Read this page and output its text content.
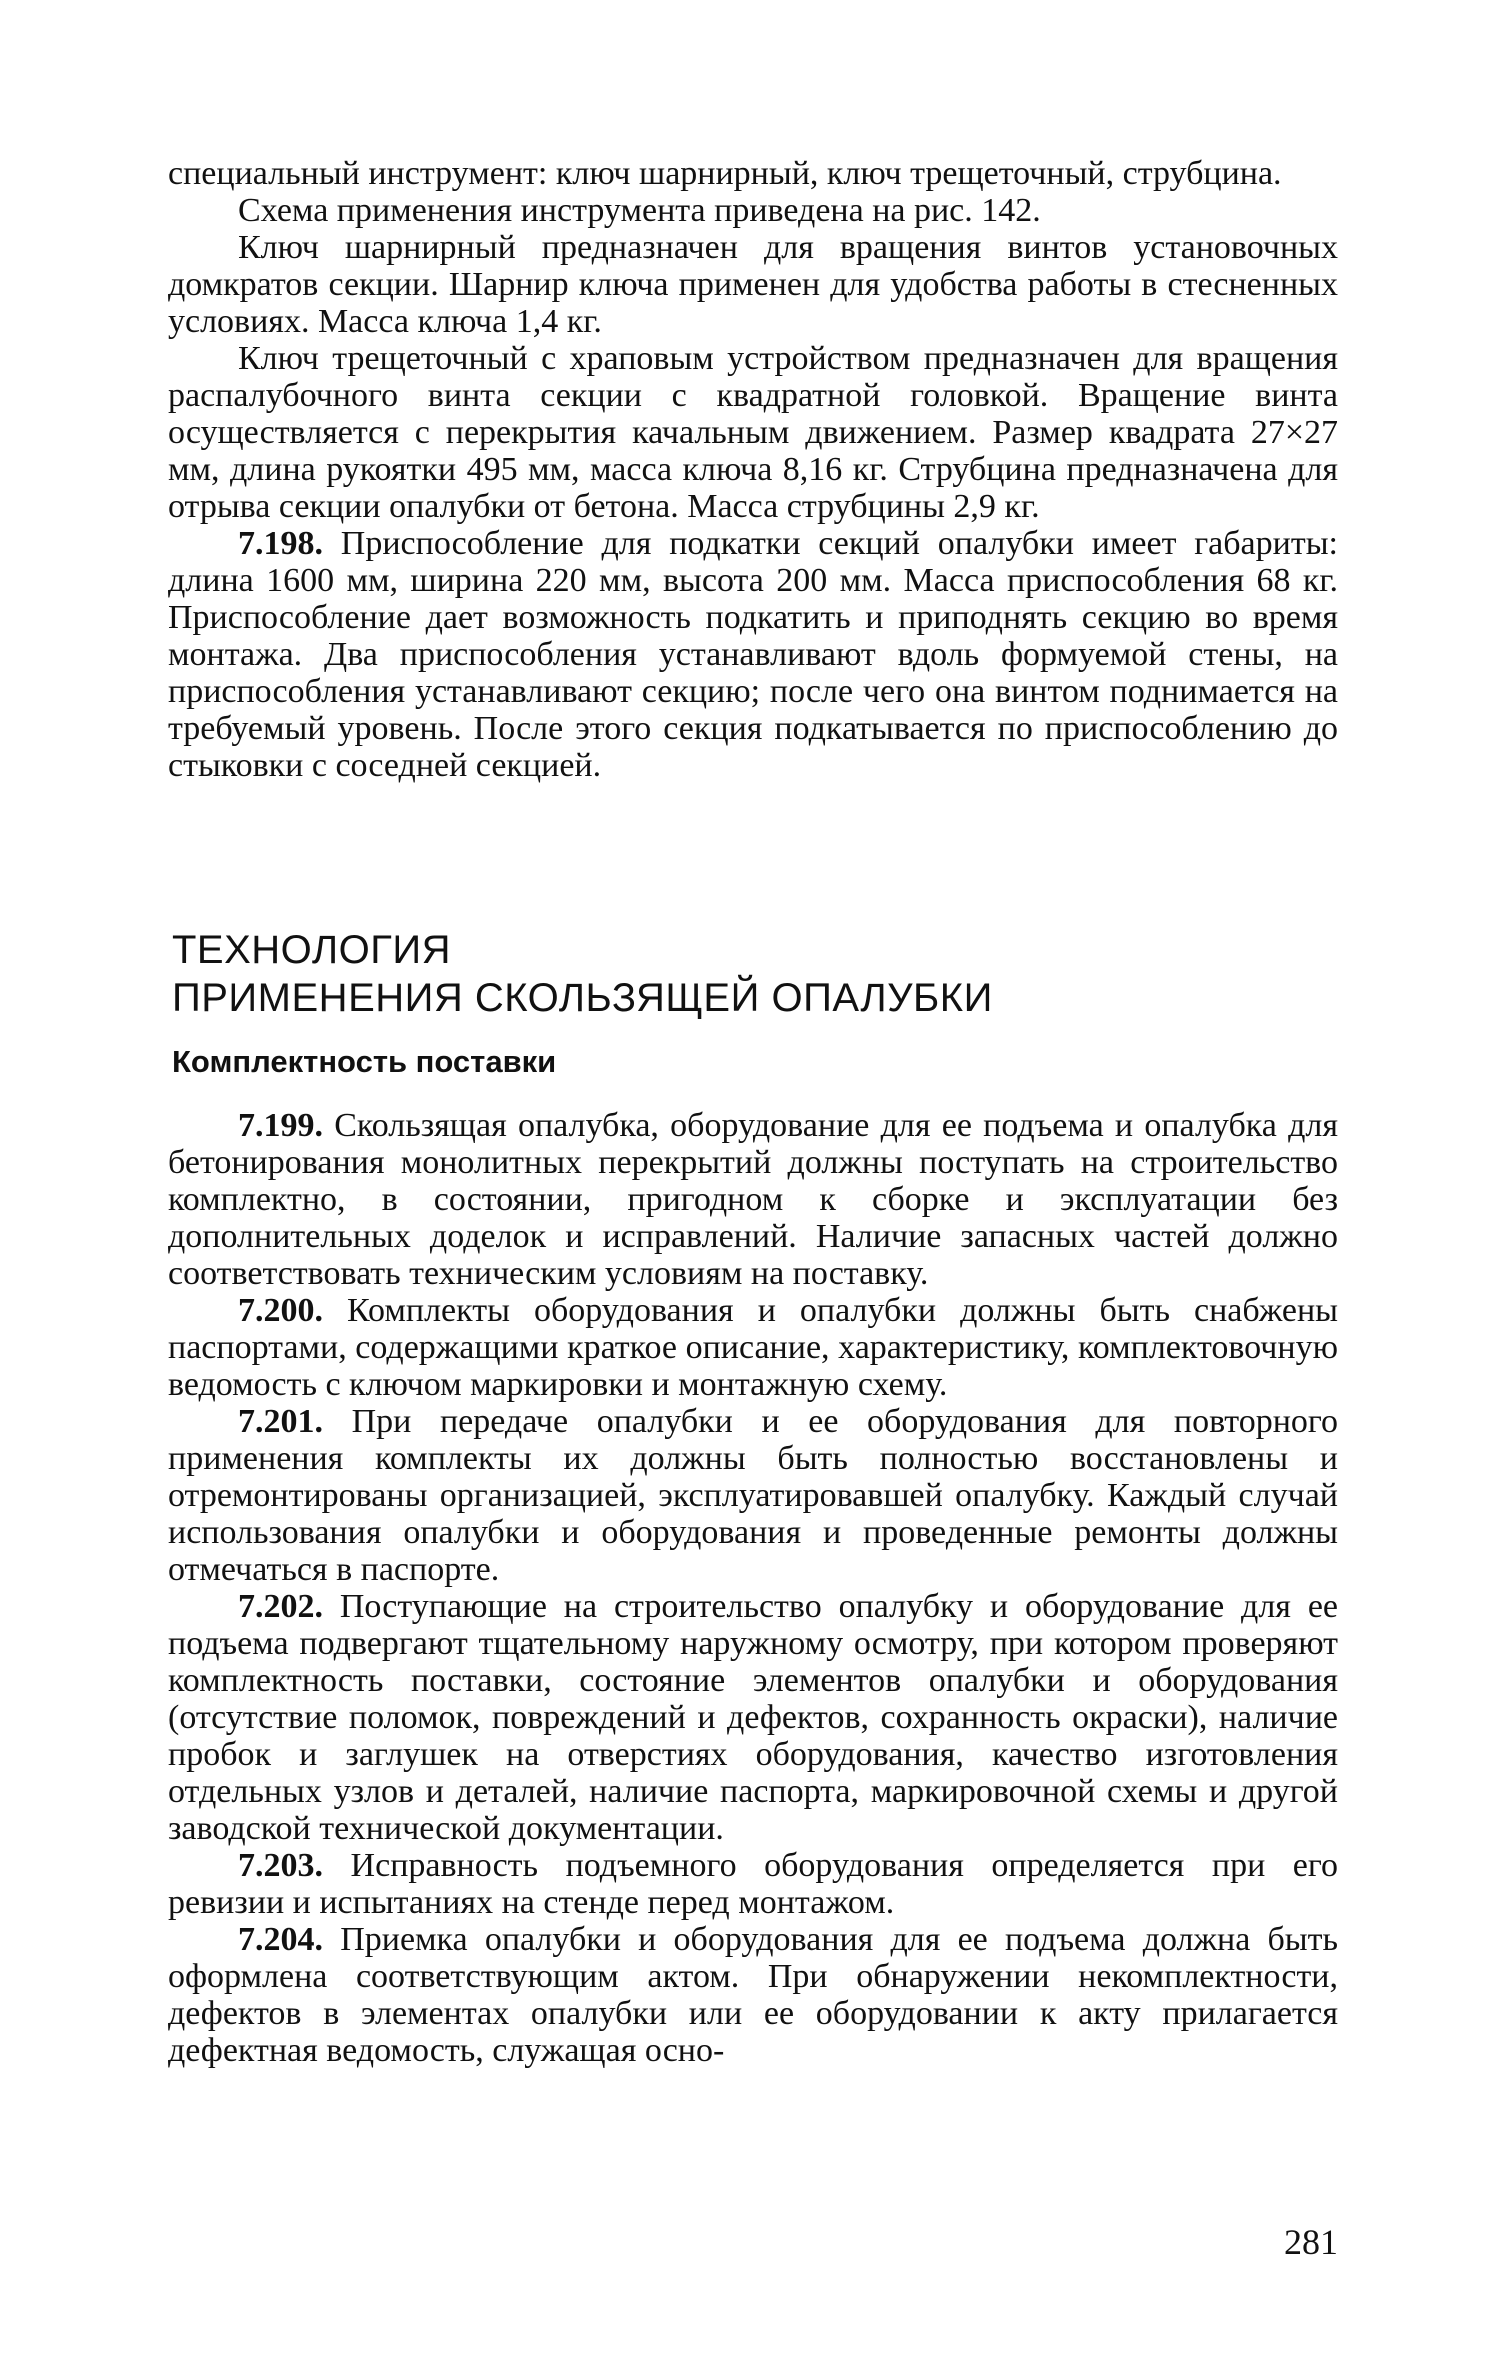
специальный инструмент: ключ шарнирный, ключ трещеточный, струбцина.

Схема применения инструмента приведена на рис. 142.

Ключ шарнирный предназначен для вращения винтов установочных домкратов секции. Шарнир ключа применен для удобства работы в стесненных условиях. Масса ключа 1,4 кг.

Ключ трещеточный с храповым устройством предназначен для вращения распалубочного винта секции с квадратной головкой. Вращение винта осуществляется с перекрытия качальным движением. Размер квадрата 27×27 мм, длина рукоятки 495 мм, масса ключа 8,16 кг. Струбцина предназначена для отрыва секции опалубки от бетона. Масса струбцины 2,9 кг.

7.198. Приспособление для подкатки секций опалубки имеет габариты: длина 1600 мм, ширина 220 мм, высота 200 мм. Масса приспособления 68 кг. Приспособление дает возможность подкатить и приподнять секцию во время монтажа. Два приспособления устанавливают вдоль формуемой стены, на приспособления устанавливают секцию; после чего она винтом поднимается на требуемый уровень. После этого секция подкатывается по приспособлению до стыковки с соседней секцией.

ТЕХНОЛОГИЯ
ПРИМЕНЕНИЯ СКОЛЬЗЯЩЕЙ ОПАЛУБКИ
Комплектность поставки

7.199. Скользящая опалубка, оборудование для ее подъема и опалубка для бетонирования монолитных перекрытий должны поступать на строительство комплектно, в состоянии, пригодном к сборке и эксплуатации без дополнительных доделок и исправлений. Наличие запасных частей должно соответствовать техническим условиям на поставку.

7.200. Комплекты оборудования и опалубки должны быть снабжены паспортами, содержащими краткое описание, характеристику, комплектовочную ведомость с ключом маркировки и монтажную схему.

7.201. При передаче опалубки и ее оборудования для повторного применения комплекты их должны быть полностью восстановлены и отремонтированы организацией, эксплуатировавшей опалубку. Каждый случай использования опалубки и оборудования и проведенные ремонты должны отмечаться в паспорте.

7.202. Поступающие на строительство опалубку и оборудование для ее подъема подвергают тщательному наружному осмотру, при котором проверяют комплектность поставки, состояние элементов опалубки и оборудования (отсутствие поломок, повреждений и дефектов, сохранность окраски), наличие пробок и заглушек на отверстиях оборудования, качество изготовления отдельных узлов и деталей, наличие паспорта, маркировочной схемы и другой заводской технической документации.

7.203. Исправность подъемного оборудования определяется при его ревизии и испытаниях на стенде перед монтажом.

7.204. Приемка опалубки и оборудования для ее подъема должна быть оформлена соответствующим актом. При обнаружении некомплектности, дефектов в элементах опалубки или ее оборудовании к акту прилагается дефектная ведомость, служащая осно-

281
